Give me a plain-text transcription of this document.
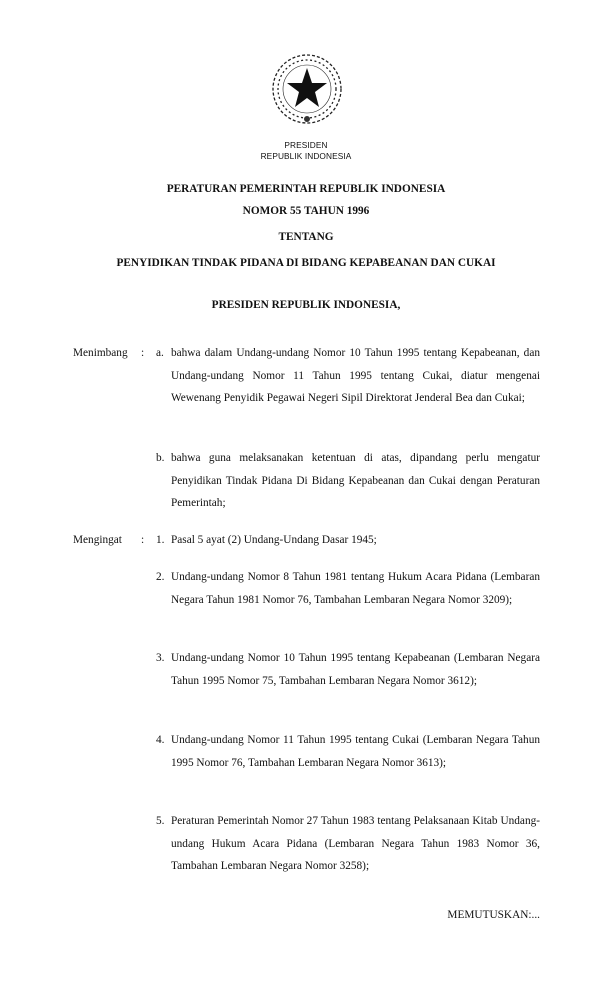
PRESIDEN
REPUBLIK INDONESIA
PERATURAN PEMERINTAH REPUBLIK INDONESIA
NOMOR 55 TAHUN 1996
TENTANG
PENYIDIKAN TINDAK PIDANA DI BIDANG KEPABEANAN DAN CUKAI
PRESIDEN REPUBLIK INDONESIA,
Menimbang : a. bahwa dalam Undang-undang Nomor 10 Tahun 1995 tentang Kepabeanan, dan Undang-undang Nomor 11 Tahun 1995 tentang Cukai, diatur mengenai Wewenang Penyidik Pegawai Negeri Sipil Direktorat Jenderal Bea dan Cukai;
b. bahwa guna melaksanakan ketentuan di atas, dipandang perlu mengatur Penyidikan Tindak Pidana Di Bidang Kepabeanan dan Cukai dengan Peraturan Pemerintah;
Mengingat : 1. Pasal 5 ayat (2) Undang-Undang Dasar 1945;
2. Undang-undang Nomor 8 Tahun 1981 tentang Hukum Acara Pidana (Lembaran Negara Tahun 1981 Nomor 76, Tambahan Lembaran Negara Nomor 3209);
3. Undang-undang Nomor 10 Tahun 1995 tentang Kepabeanan (Lembaran Negara Tahun 1995 Nomor 75, Tambahan Lembaran Negara Nomor 3612);
4. Undang-undang Nomor 11 Tahun 1995 tentang Cukai (Lembaran Negara Tahun 1995 Nomor 76, Tambahan Lembaran Negara Nomor 3613);
5. Peraturan Pemerintah Nomor 27 Tahun 1983 tentang Pelaksanaan Kitab Undang-undang Hukum Acara Pidana (Lembaran Negara Tahun 1983 Nomor 36, Tambahan Lembaran Negara Nomor 3258);
MEMUTUSKAN:...
